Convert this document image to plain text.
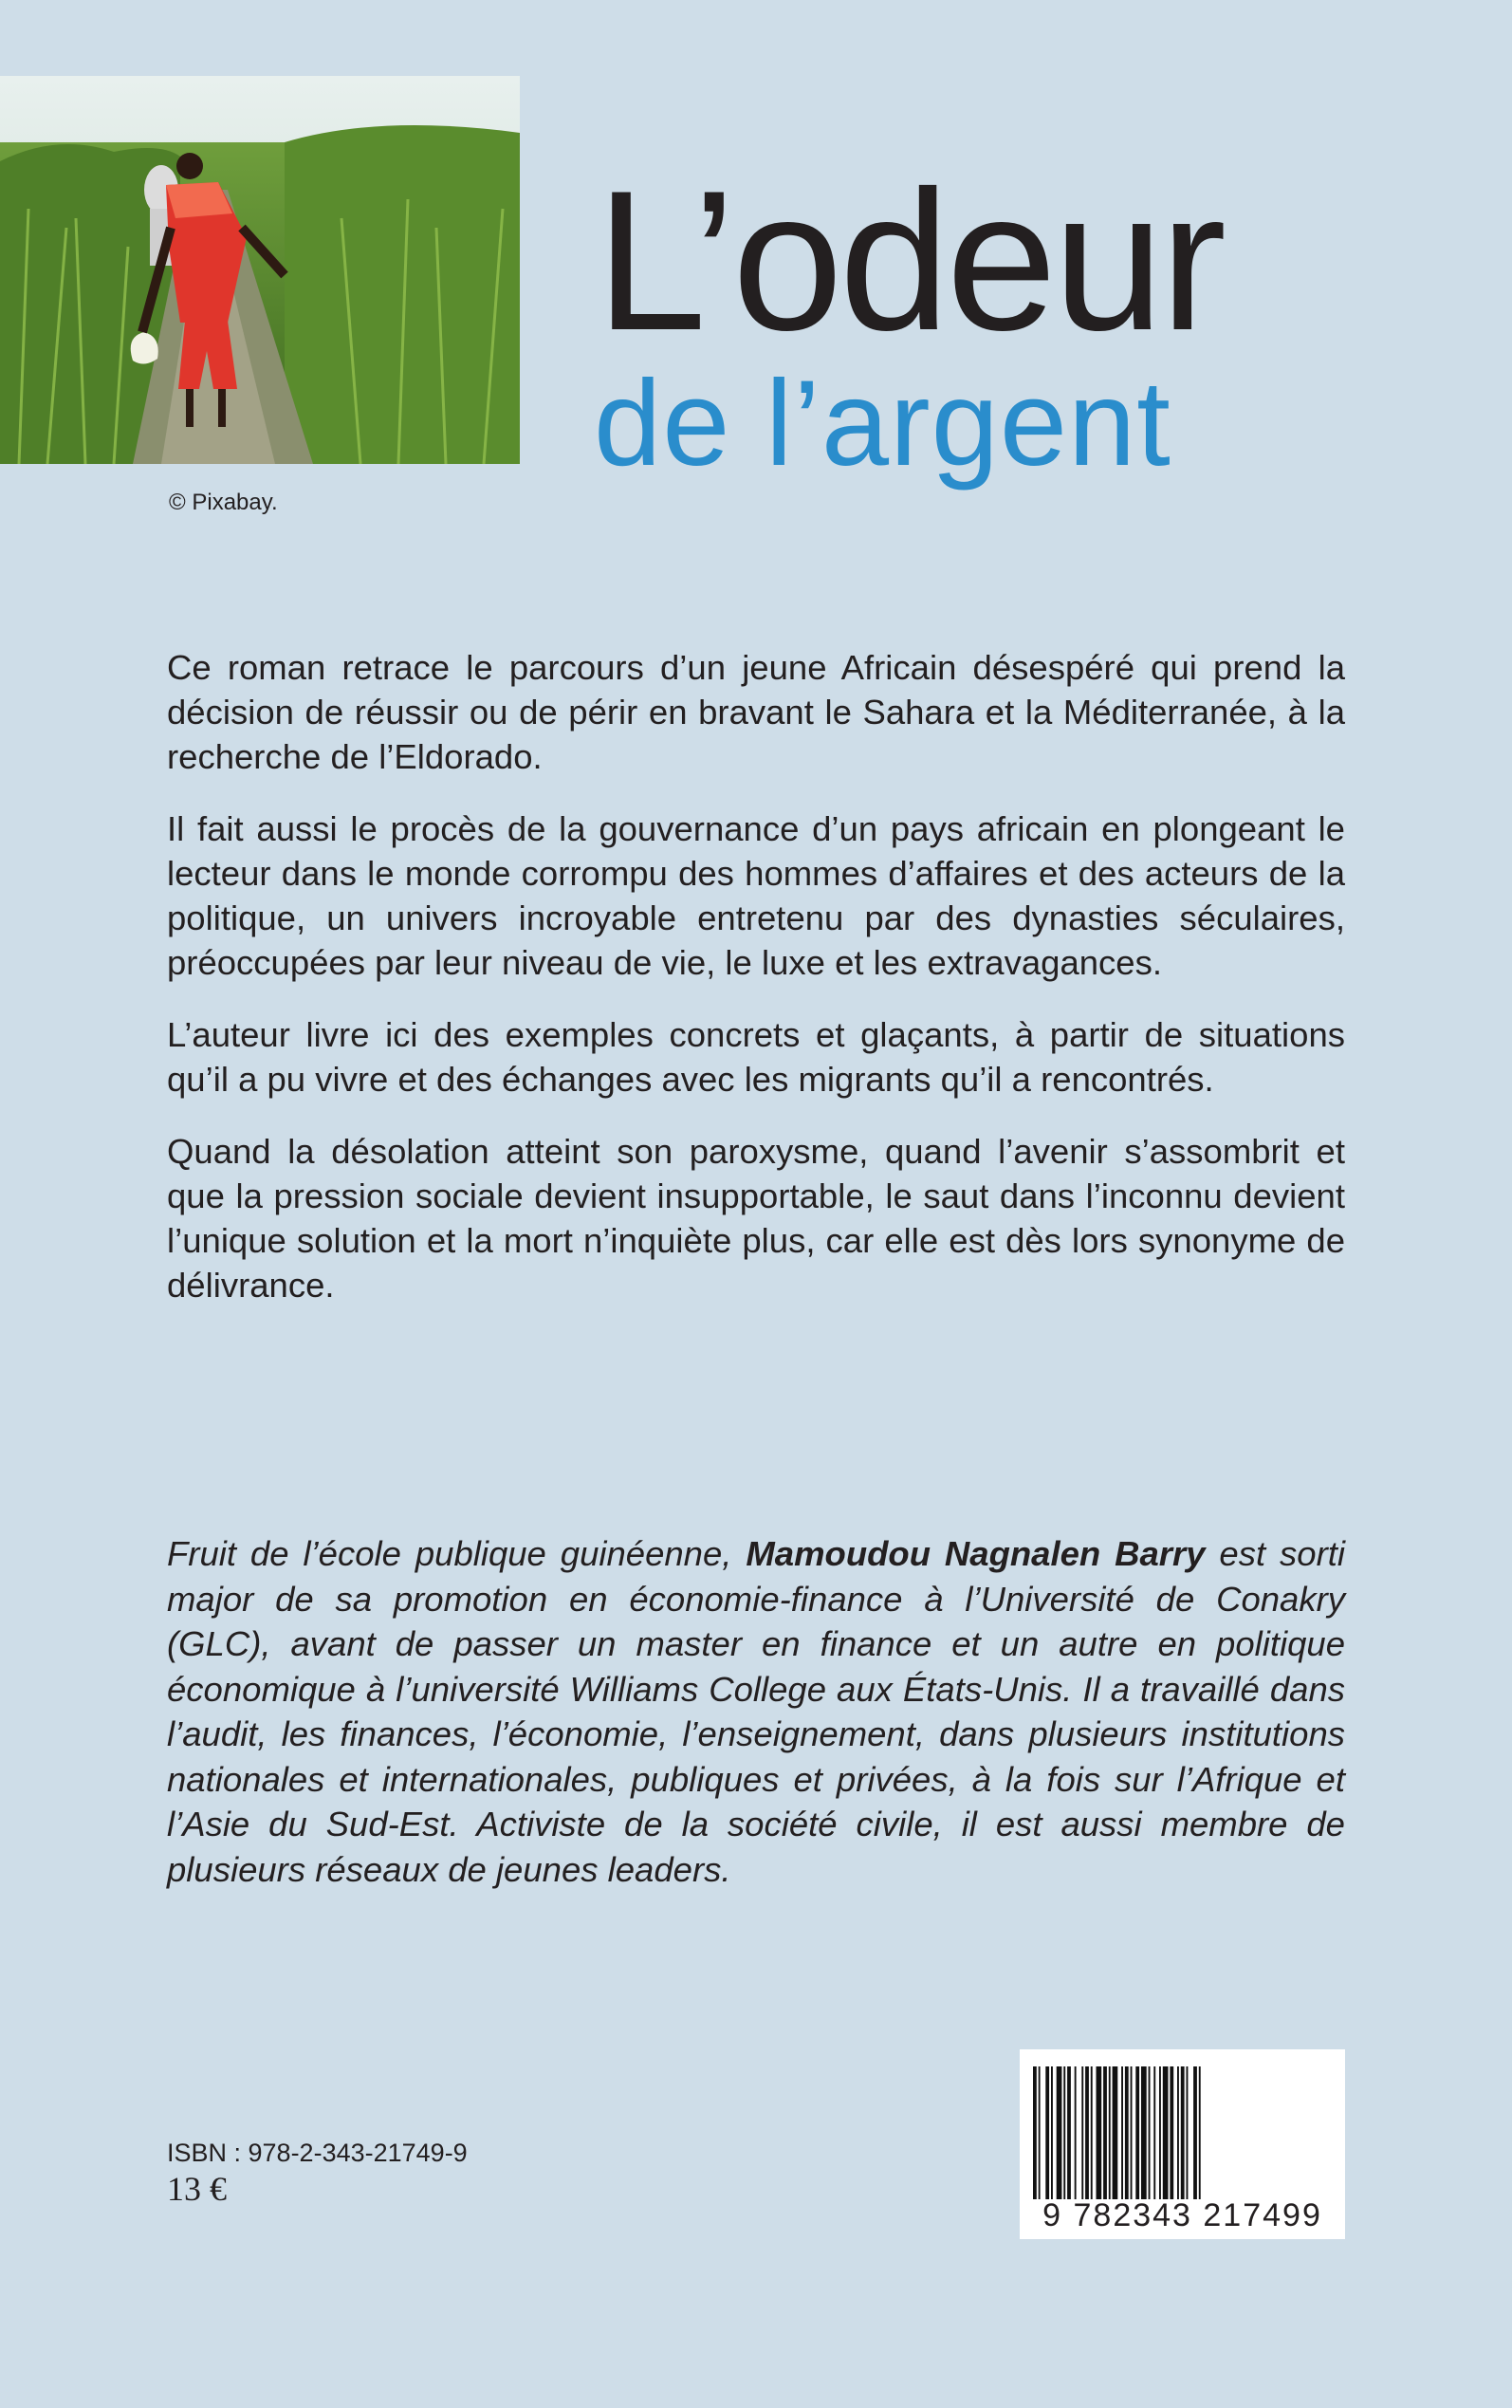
© Pixabay.
L’odeur
de l’argent

Ce roman retrace le parcours d’un jeune Africain désespéré qui prend la décision de réussir ou de périr en bravant le Sahara et la Méditerranée, à la recherche de l’Eldorado.

Il fait aussi le procès de la gouvernance d’un pays africain en plongeant le lecteur dans le monde corrompu des hommes d’affaires et des acteurs de la politique, un univers incroyable entretenu par des dynasties séculaires, préoccupées par leur niveau de vie, le luxe et les extravagances.

L’auteur livre ici des exemples concrets et glaçants, à partir de situations qu’il a pu vivre et des échanges avec les migrants qu’il a rencontrés.

Quand la désolation atteint son paroxysme, quand l’avenir s’assombrit et que la pression sociale devient insupportable, le saut dans l’inconnu devient l’unique solution et la mort n’inquiète plus, car elle est dès lors synonyme de délivrance.

Fruit de l’école publique guinéenne, Mamoudou Nagnalen Barry est sorti major de sa promotion en économie-finance à l’Université de Conakry (GLC), avant de passer un master en finance et un autre en politique économique à l’université Williams College aux États-Unis. Il a travaillé dans l’audit, les finances, l’économie, l’enseignement, dans plusieurs institutions nationales et internationales, publiques et privées, à la fois sur l’Afrique et l’Asie du Sud-Est. Activiste de la société civile, il est aussi membre de plusieurs réseaux de jeunes leaders.

ISBN : 978-2-343-21749-9
13 €
9 782343 217499
